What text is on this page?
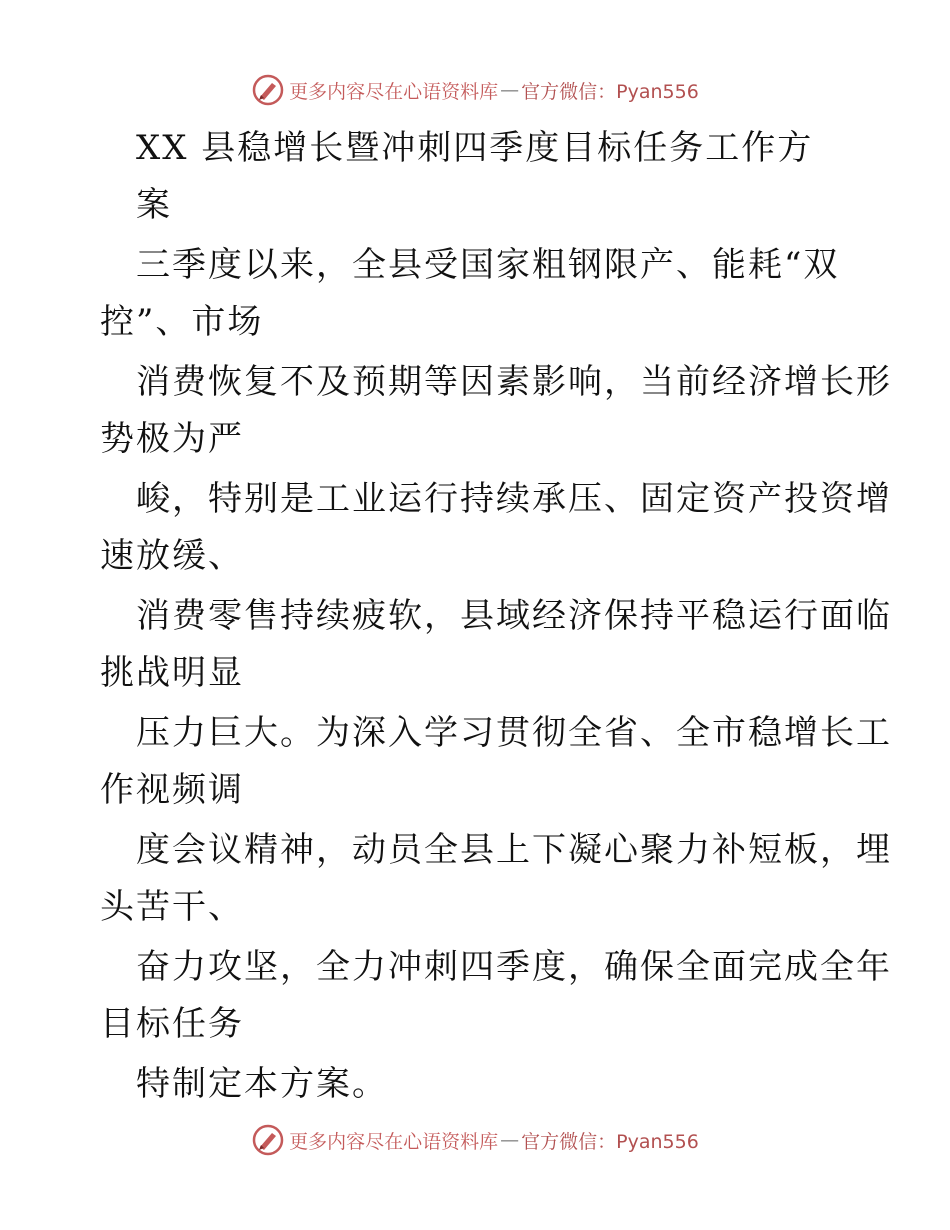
更多内容尽在心语资料库 — 官方微信：Pyan556
XX 县稳增长暨冲刺四季度目标任务工作方
案
三季度以来，全县受国家粗钢限产、能耗“双
控”、市场
消费恢复不及预期等因素影响，当前经济增长形
势极为严
峻，特别是工业运行持续承压、固定资产投资增
速放缓、
消费零售持续疲软，县域经济保持平稳运行面临
挑战明显
压力巨大。为深入学习贯彻全省、全市稳增长工
作视频调
度会议精神，动员全县上下凝心聚力补短板，埋
头苦干、
奋力攻坚，全力冲刺四季度，确保全面完成全年
目标任务
特制定本方案。
更多内容尽在心语资料库 — 官方微信：Pyan556
